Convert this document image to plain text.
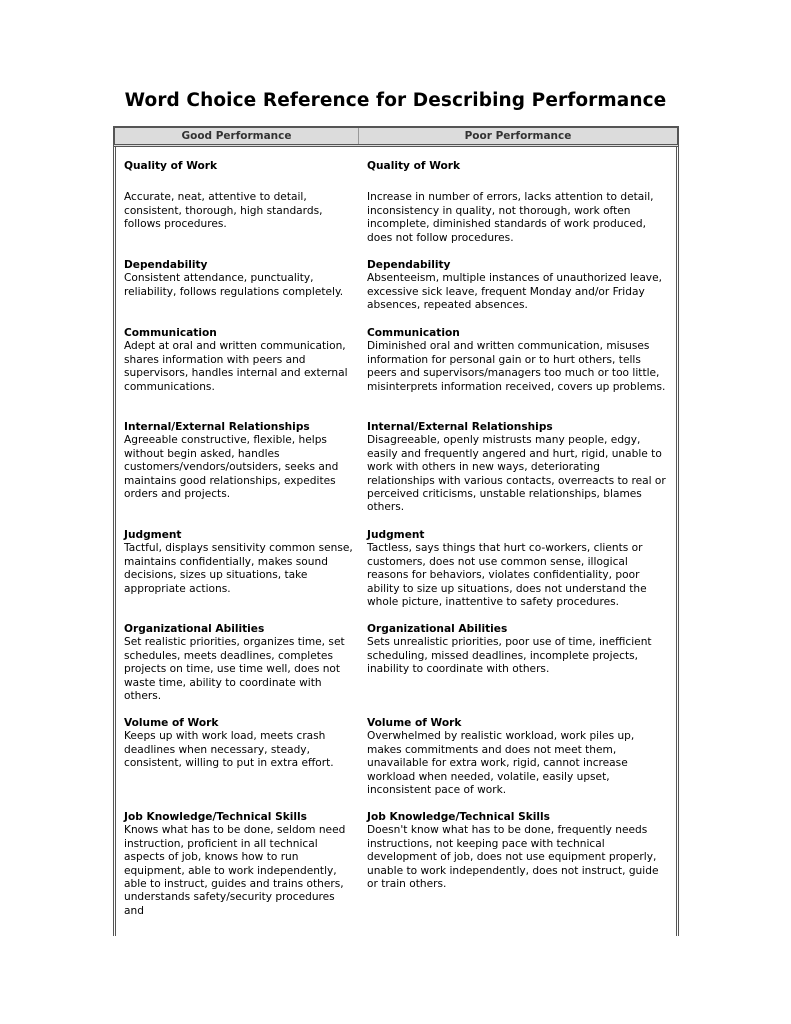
Word Choice Reference for Describing Performance
Good Performance	Poor Performance
Quality of Work
Accurate, neat, attentive to detail, consistent, thorough, high standards, follows procedures.
Quality of Work
Increase in number of errors, lacks attention to detail, inconsistency in quality, not thorough, work often incomplete, diminished standards of work produced, does not follow procedures.
Dependability
Consistent attendance, punctuality, reliability, follows regulations completely.
Dependability
Absenteeism, multiple instances of unauthorized leave, excessive sick leave, frequent Monday and/or Friday absences, repeated absences.
Communication
Adept at oral and written communication, shares information with peers and supervisors, handles internal and external communications.
Communication
Diminished oral and written communication, misuses information for personal gain or to hurt others, tells peers and supervisors/managers too much or too little, misinterprets information received, covers up problems.
Internal/External Relationships
Agreeable constructive, flexible, helps without begin asked, handles customers/vendors/outsiders, seeks and maintains good relationships, expedites orders and projects.
Internal/External Relationships
Disagreeable, openly mistrusts many people, edgy, easily and frequently angered and hurt, rigid, unable to work with others in new ways, deteriorating relationships with various contacts, overreacts to real or perceived criticisms, unstable relationships, blames others.
Judgment
Tactful, displays sensitivity common sense, maintains confidentially, makes sound decisions, sizes up situations, take appropriate actions.
Judgment
Tactless, says things that hurt co-workers, clients or customers, does not use common sense, illogical reasons for behaviors, violates confidentiality, poor ability to size up situations, does not understand the whole picture, inattentive to safety procedures.
Organizational Abilities
Set realistic priorities, organizes time, set schedules, meets deadlines, completes projects on time, use time well, does not waste time, ability to coordinate with others.
Organizational Abilities
Sets unrealistic priorities, poor use of time, inefficient scheduling, missed deadlines, incomplete projects, inability to coordinate with others.
Volume of Work
Keeps up with work load, meets crash deadlines when necessary, steady, consistent, willing to put in extra effort.
Volume of Work
Overwhelmed by realistic workload, work piles up, makes commitments and does not meet them, unavailable for extra work, rigid, cannot increase workload when needed, volatile, easily upset, inconsistent pace of work.
Job Knowledge/Technical Skills
Knows what has to be done, seldom need instruction, proficient in all technical aspects of job, knows how to run equipment, able to work independently, able to instruct, guides and trains others, understands safety/security procedures and
Job Knowledge/Technical Skills
Doesn't know what has to be done, frequently needs instructions, not keeping pace with technical development of job, does not use equipment properly, unable to work independently, does not instruct, guide or train others.
